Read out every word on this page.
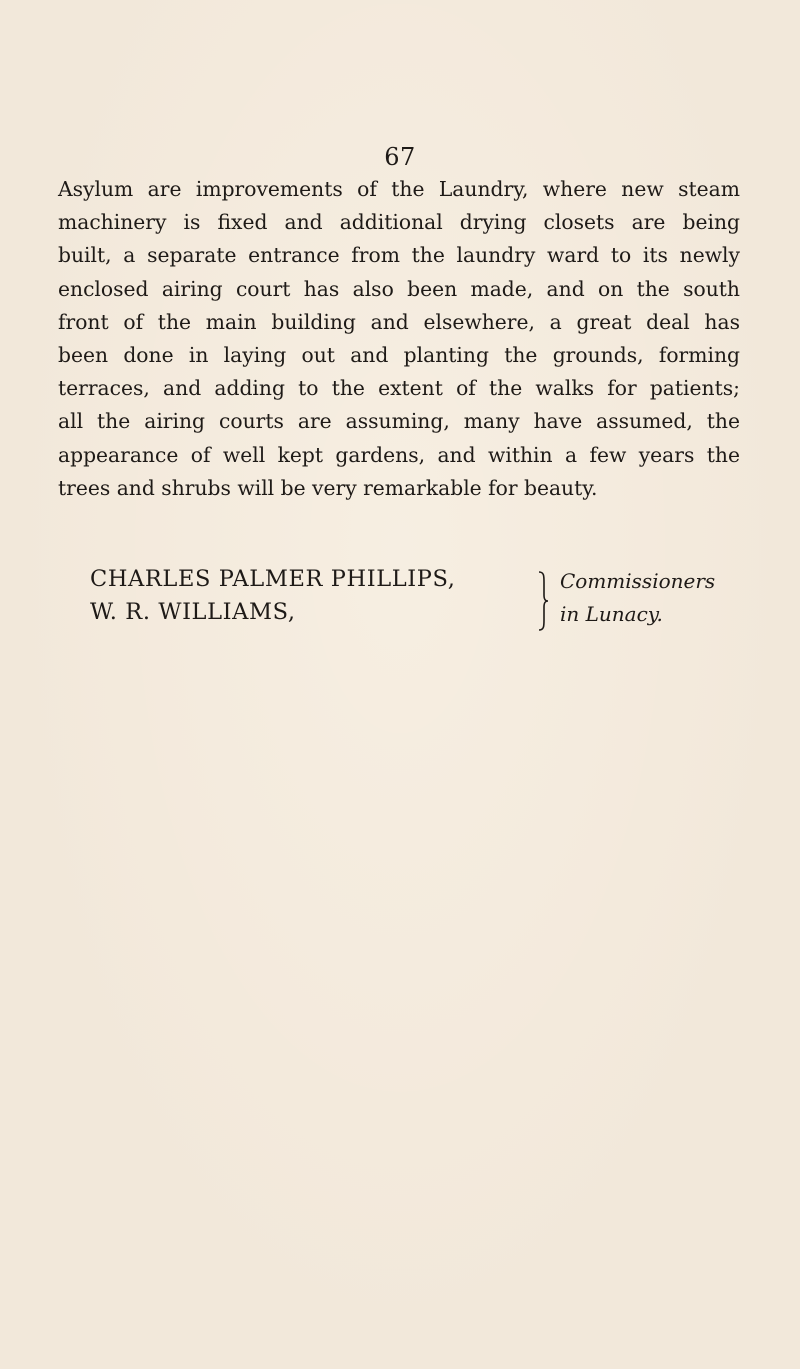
67
Asylum are improvements of the Laundry, where new steam
machinery is fixed and additional drying closets are being
built, a separate entrance from the laundry ward to its newly
enclosed airing court has also been made, and on the south
front of the main building and elsewhere, a great deal has
been done in laying out and planting the grounds, forming
terraces, and adding to the extent of the walks for patients;
all the airing courts are assuming, many have assumed, the
appearance of well kept gardens, and within a few years the
trees and shrubs will be very remarkable for beauty.
CHARLES PALMER PHILLIPS,
W. R. WILLIAMS,
Commissioners
in Lunacy.
